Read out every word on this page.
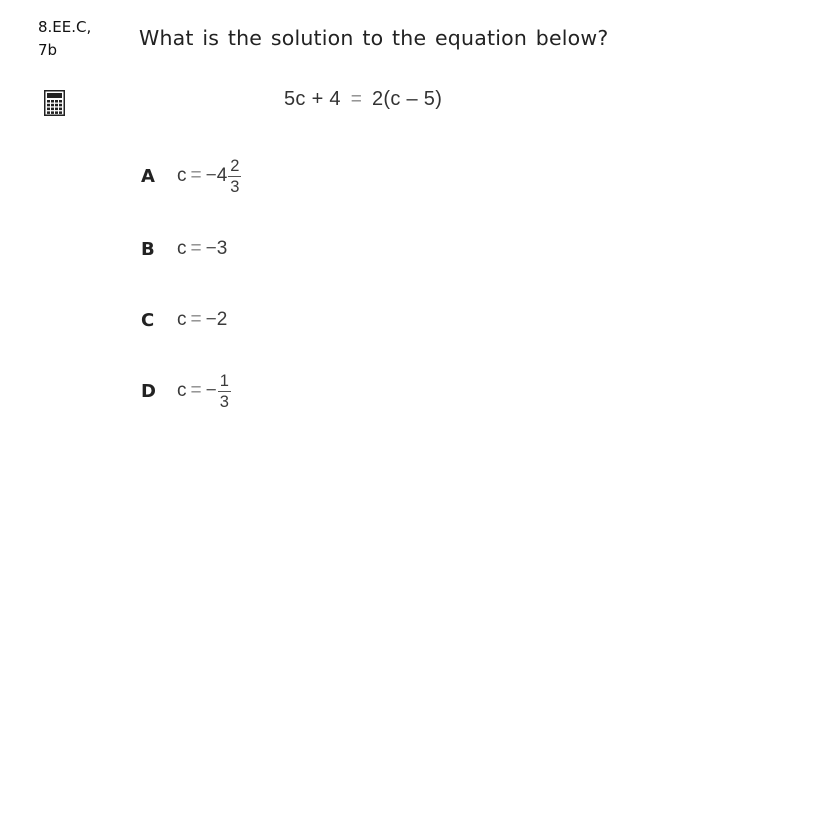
8.EE.C,
7b	What is the solution to the equation below?
5c + 4 = 2(c – 5)
A	c = − $4 \frac{2}{3}$
B	c = − 3
C	c = − 2
D	c = − $\frac{1}{3}$
